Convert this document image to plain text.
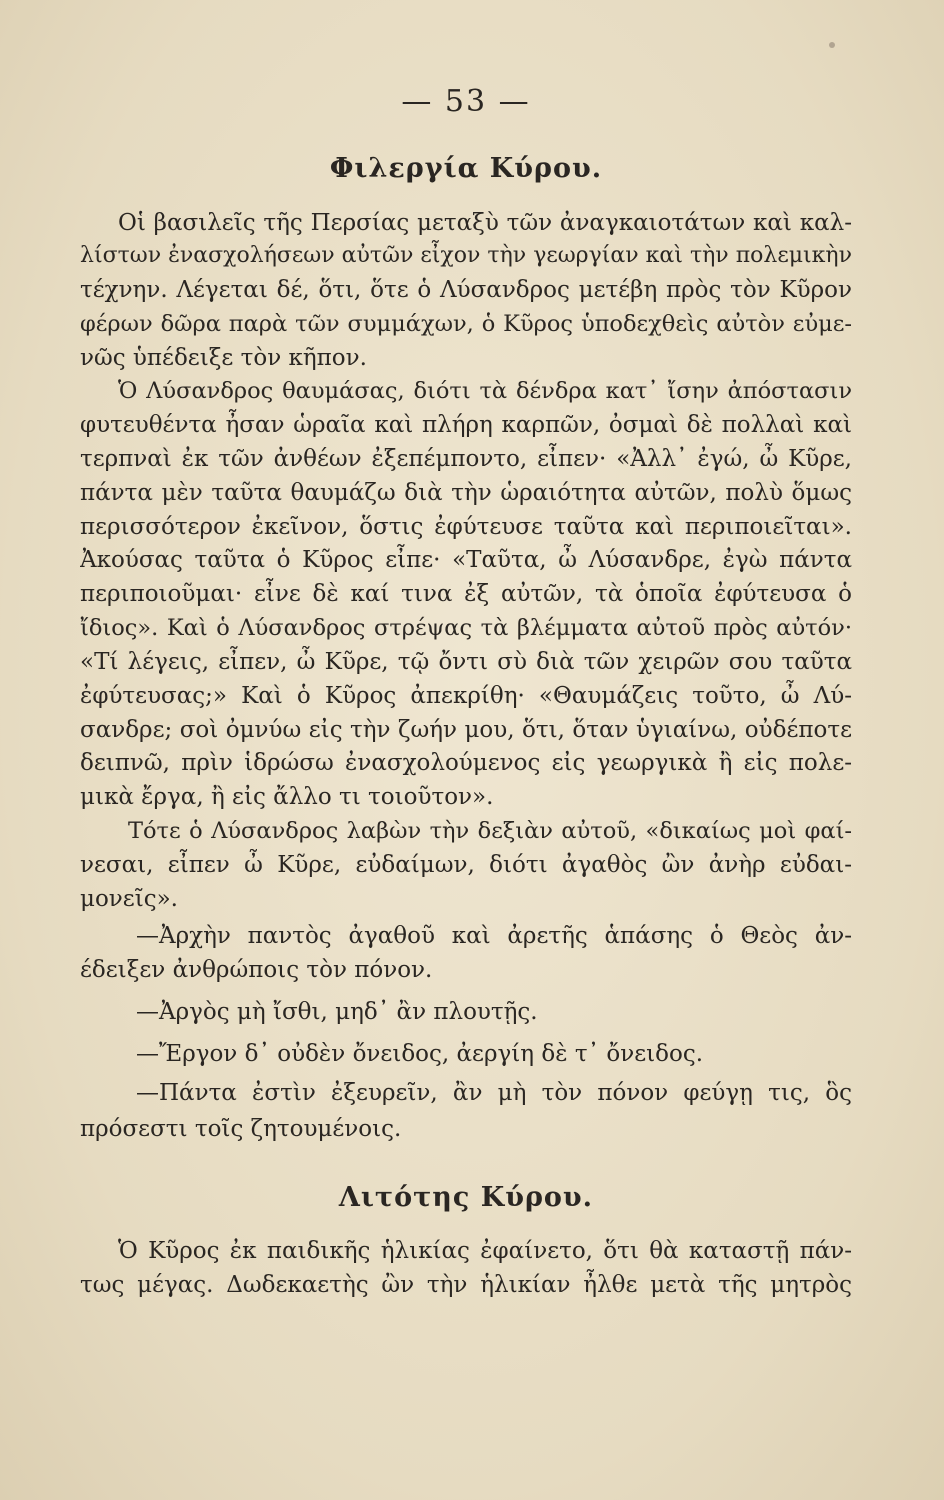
— 53 —
Φιλεργία Κύρου.
Οἱ βασιλεῖς τῆς Περσίας μεταξὺ τῶν ἀναγκαιοτάτων καὶ καλ-
λίστων ἐνασχολήσεων αὐτῶν εἶχον τὴν γεωργίαν καὶ τὴν πολεμικὴν
τέχνην. Λέγεται δέ, ὅτι, ὅτε ὁ Λύσανδρος μετέβη πρὸς τὸν Κῦρον
φέρων δῶρα παρὰ τῶν συμμάχων, ὁ Κῦρος ὑποδεχθεὶς αὐτὸν εὐμε-
νῶς ὑπέδειξε τὸν κῆπον.
Ὁ Λύσανδρος θαυμάσας, διότι τὰ δένδρα κατ᾽ ἴσην ἀπόστασιν
φυτευθέντα ἦσαν ὡραῖα καὶ πλήρη καρπῶν, ὀσμαὶ δὲ πολλαὶ καὶ
τερπναὶ ἐκ τῶν ἀνθέων ἐξεπέμποντο, εἶπεν· «Ἀλλ᾽ ἐγώ, ὦ Κῦρε,
πάντα μὲν ταῦτα θαυμάζω διὰ τὴν ὡραιότητα αὐτῶν, πολὺ ὅμως
περισσότερον ἐκεῖνον, ὅστις ἐφύτευσε ταῦτα καὶ περιποιεῖται».
Ἀκούσας ταῦτα ὁ Κῦρος εἶπε· «Ταῦτα, ὦ Λύσανδρε, ἐγὼ πάντα
περιποιοῦμαι· εἶνε δὲ καί τινα ἐξ αὐτῶν, τὰ ὁποῖα ἐφύτευσα ὁ
ἴδιος». Καὶ ὁ Λύσανδρος στρέψας τὰ βλέμματα αὐτοῦ πρὸς αὐτόν·
«Τί λέγεις, εἶπεν, ὦ Κῦρε, τῷ ὄντι σὺ διὰ τῶν χειρῶν σου ταῦτα
ἐφύτευσας;» Καὶ ὁ Κῦρος ἀπεκρίθη· «Θαυμάζεις τοῦτο, ὦ Λύ-
σανδρε; σοὶ ὀμνύω εἰς τὴν ζωήν μου, ὅτι, ὅταν ὑγιαίνω, οὐδέποτε
δειπνῶ, πρὶν ἱδρώσω ἐνασχολούμενος εἰς γεωργικὰ ἢ εἰς πολε-
μικὰ ἔργα, ἢ εἰς ἄλλο τι τοιοῦτον».
Τότε ὁ Λύσανδρος λαβὼν τὴν δεξιὰν αὐτοῦ, «δικαίως μοὶ φαί-
νεσαι, εἶπεν ὦ Κῦρε, εὐδαίμων, διότι ἀγαθὸς ὢν ἀνὴρ εὐδαι-
μονεῖς».
—Ἀρχὴν παντὸς ἀγαθοῦ καὶ ἀρετῆς ἁπάσης ὁ Θεὸς ἀν-
έδειξεν ἀνθρώποις τὸν πόνον.
—Ἀργὸς μὴ ἴσθι, μηδ᾽ ἂν πλουτῇς.
—Ἔργον δ᾽ οὐδὲν ὄνειδος, ἀεργίη δὲ τ᾽ ὄνειδος.
—Πάντα ἐστὶν ἐξευρεῖν, ἂν μὴ τὸν πόνον φεύγῃ τις, ὃς
πρόσεστι τοῖς ζητουμένοις.
Λιτότης Κύρου.
Ὁ Κῦρος ἐκ παιδικῆς ἡλικίας ἐφαίνετο, ὅτι θὰ καταστῇ πάν-
τως μέγας. Δωδεκαετὴς ὢν τὴν ἡλικίαν ἦλθε μετὰ τῆς μητρὸς
